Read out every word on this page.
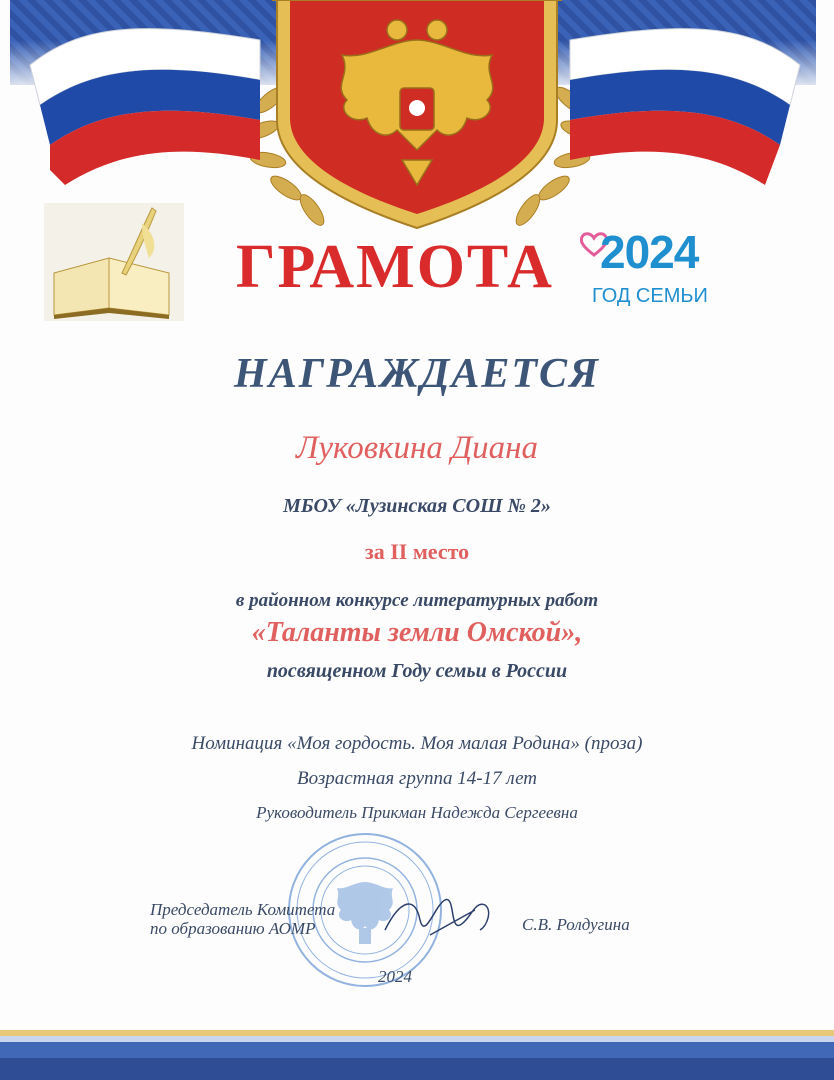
ГРАМОТА 2024
ГОД СЕМЬИ
НАГРАЖДАЕТСЯ
Луковкина Диана
МБОУ «Лузинская СОШ № 2»
за II место
в районном конкурсе литературных работ
«Таланты земли Омской»,
посвященном Году семьи в России
Номинация «Моя гордость. Моя малая Родина» (проза)
Возрастная группа 14-17 лет
Руководитель Прикман Надежда Сергеевна
Председатель Комитета
по образованию АОМР	С.В. Ролдугина
2024
